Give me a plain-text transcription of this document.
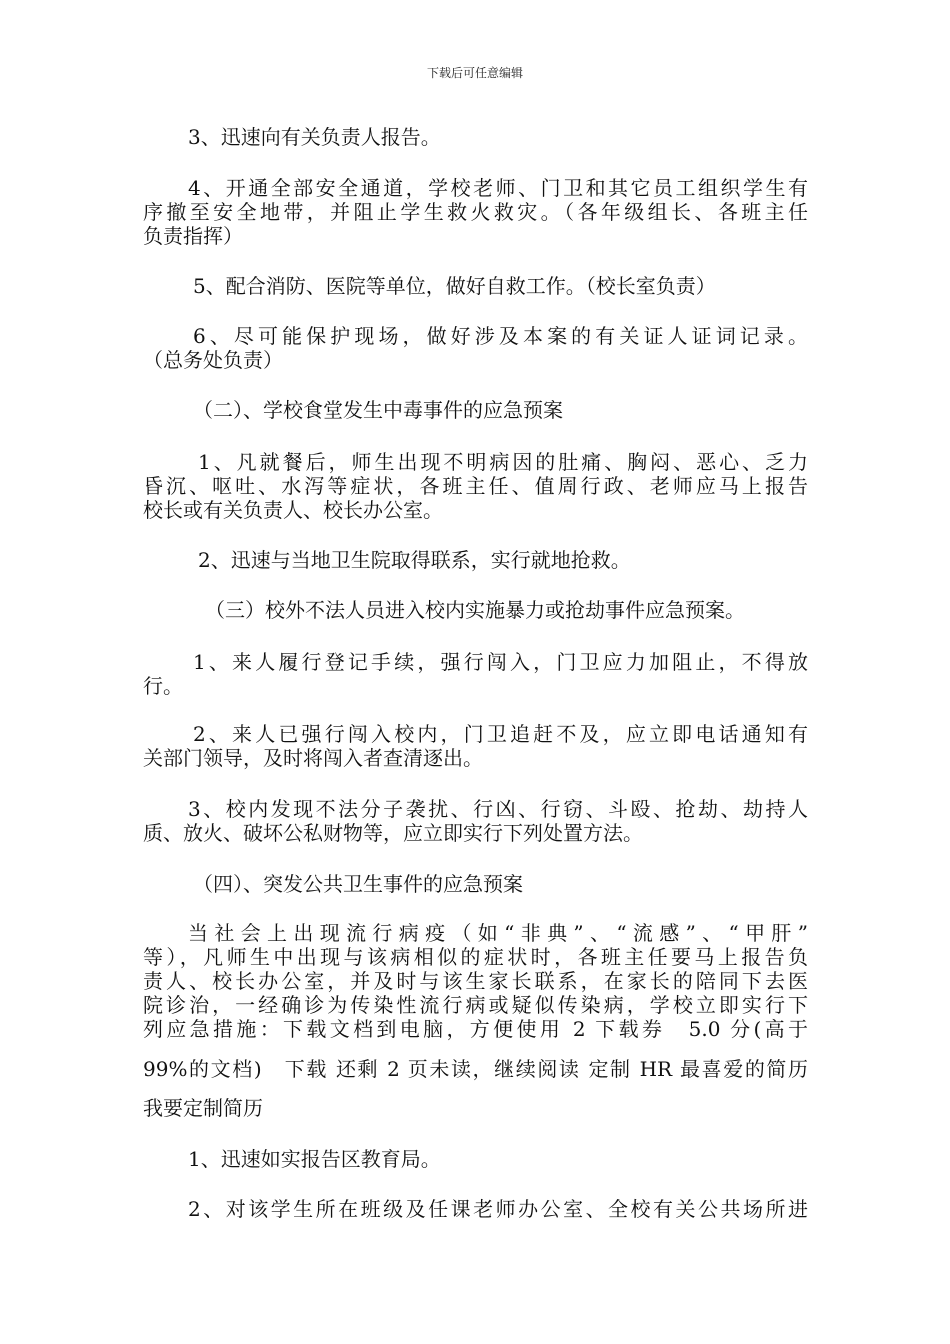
下载后可任意编辑
3、迅速向有关负责人报告。
4、开通全部安全通道，学校老师、门卫和其它员工组织学生有
序撤至安全地带，并阻止学生救火救灾。（各年级组长、各班主任
负责指挥）
5、配合消防、医院等单位，做好自救工作。（校长室负责）
6、尽可能保护现场，做好涉及本案的有关证人证词记录。
（总务处负责）
（二）、学校食堂发生中毒事件的应急预案
1、凡就餐后，师生出现不明病因的肚痛、胸闷、恶心、乏力
昏沉、呕吐、水泻等症状，各班主任、值周行政、老师应马上报告
校长或有关负责人、校长办公室。
2、迅速与当地卫生院取得联系，实行就地抢救。
（三）校外不法人员进入校内实施暴力或抢劫事件应急预案。
1、来人履行登记手续，强行闯入，门卫应力加阻止，不得放
行。
2、来人已强行闯入校内，门卫追赶不及，应立即电话通知有
关部门领导，及时将闯入者查清逐出。
3、校内发现不法分子袭扰、行凶、行窃、斗殴、抢劫、劫持人
质、放火、破坏公私财物等，应立即实行下列处置方法。
（四）、突发公共卫生事件的应急预案
当社会上出现流行病疫（如“非典”、“流感”、“甲肝”
等），凡师生中出现与该病相似的症状时，各班主任要马上报告负
责人、校长办公室，并及时与该生家长联系，在家长的陪同下去医
院诊治，一经确诊为传染性流行病或疑似传染病，学校立即实行下
列应急措施：下载文档到电脑，方便使用 2 下载券　5.0 分(高于
99%的文档)　下载 还剩 2 页未读，继续阅读 定制 HR 最喜爱的简历
我要定制简历
1、迅速如实报告区教育局。
2、对该学生所在班级及任课老师办公室、全校有关公共场所进
